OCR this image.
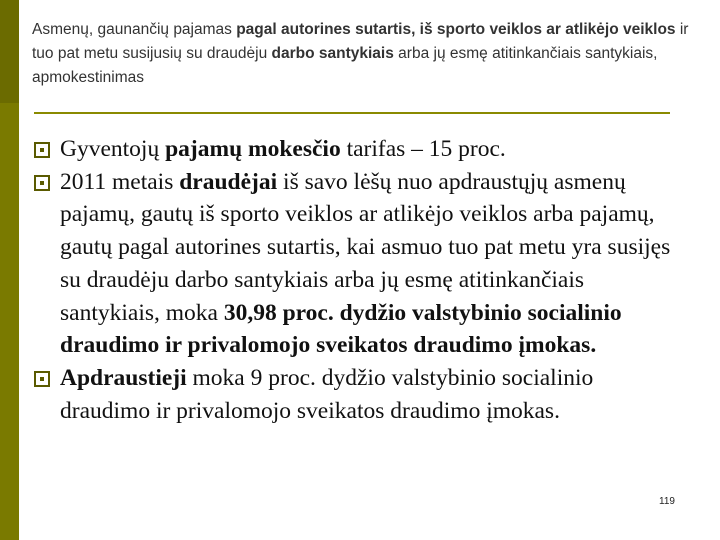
Asmenų, gaunančių pajamas pagal autorines sutartis, iš sporto veiklos ar atlikėjo veiklos ir tuo pat metu susijusių su draudėju darbo santykiais arba jų esmę atitinkančiais santykiais, apmokestinimas
Gyventojų pajamų mokesčio tarifas – 15 proc.
2011 metais draudėjai iš savo lėšų nuo apdraustųjų asmenų pajamų, gautų iš sporto veiklos ar atlikėjo veiklos arba pajamų, gautų pagal autorines sutartis, kai asmuo tuo pat metu yra susijęs su draudėju darbo santykiais arba jų esmę atitinkančiais santykiais, moka 30,98 proc. dydžio valstybinio socialinio draudimo ir privalomojo sveikatos draudimo įmokas.
Apdraustieji moka 9 proc. dydžio valstybinio socialinio draudimo ir privalomojo sveikatos draudimo įmokas.
119
